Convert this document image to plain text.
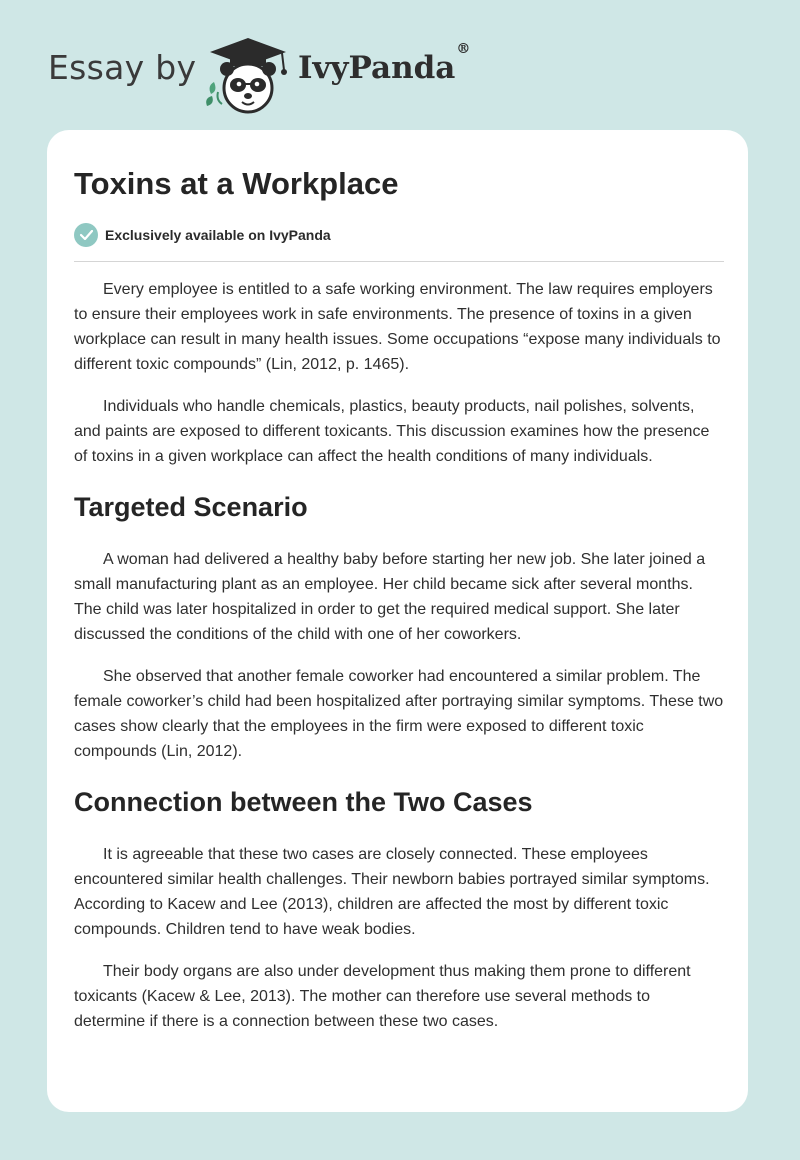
Essay by	IvyPanda®
Toxins at a Workplace
Exclusively available on IvyPanda

Every employee is entitled to a safe working environment. The law requires employers to ensure their employees work in safe environments. The presence of toxins in a given workplace can result in many health issues. Some occupations “expose many individuals to different toxic compounds” (Lin, 2012, p. 1465).

Individuals who handle chemicals, plastics, beauty products, nail polishes, solvents, and paints are exposed to different toxicants. This discussion examines how the presence of toxins in a given workplace can affect the health conditions of many individuals.

Targeted Scenario

A woman had delivered a healthy baby before starting her new job. She later joined a small manufacturing plant as an employee. Her child became sick after several months. The child was later hospitalized in order to get the required medical support. She later discussed the conditions of the child with one of her coworkers.

She observed that another female coworker had encountered a similar problem. The female coworker’s child had been hospitalized after portraying similar symptoms. These two cases show clearly that the employees in the firm were exposed to different toxic compounds (Lin, 2012).

Connection between the Two Cases

It is agreeable that these two cases are closely connected. These employees encountered similar health challenges. Their newborn babies portrayed similar symptoms. According to Kacew and Lee (2013), children are affected the most by different toxic compounds. Children tend to have weak bodies.

Their body organs are also under development thus making them prone to different toxicants (Kacew & Lee, 2013). The mother can therefore use several methods to determine if there is a connection between these two cases.
